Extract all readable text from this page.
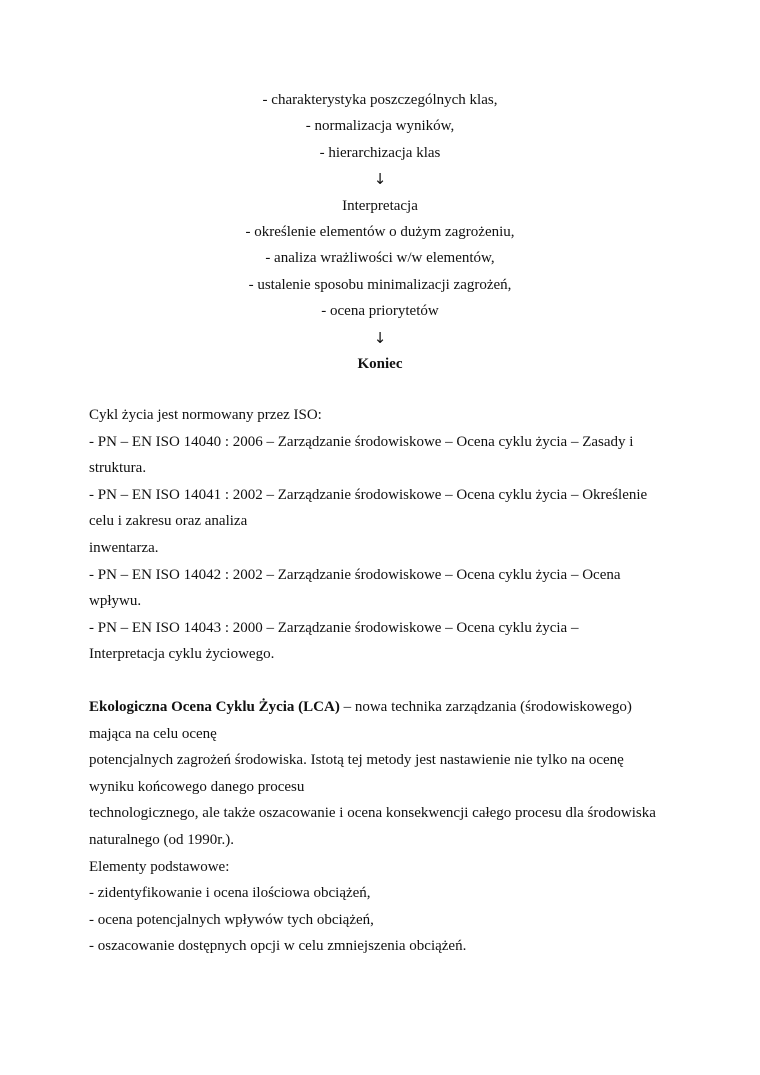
- charakterystyka poszczególnych klas,
- normalizacja wyników,
- hierarchizacja klas
↓
Interpretacja
- określenie elementów o dużym zagrożeniu,
- analiza wrażliwości w/w elementów,
- ustalenie sposobu minimalizacji zagrożeń,
- ocena priorytetów
↓
Koniec
Cykl życia jest normowany przez ISO:
- PN – EN ISO 14040 : 2006 – Zarządzanie środowiskowe – Ocena cyklu życia – Zasady i
struktura.
- PN – EN ISO 14041 : 2002 – Zarządzanie środowiskowe – Ocena cyklu życia – Określenie
celu i zakresu oraz analiza
inwentarza.
- PN – EN ISO 14042 : 2002 – Zarządzanie środowiskowe – Ocena cyklu życia – Ocena
wpływu.
- PN – EN ISO 14043 : 2000 – Zarządzanie środowiskowe – Ocena cyklu życia –
Interpretacja cyklu życiowego.
Ekologiczna Ocena Cyklu Życia (LCA) – nowa technika zarządzania (środowiskowego)
mająca na celu ocenę
potencjalnych zagrożeń środowiska. Istotą tej metody jest nastawienie nie tylko na ocenę
wyniku końcowego danego procesu
technologicznego, ale także oszacowanie i ocena konsekwencji całego procesu dla środowiska
naturalnego (od 1990r.).
Elementy podstawowe:
- zidentyfikowanie i ocena ilościowa obciążeń,
- ocena potencjalnych wpływów tych obciążeń,
- oszacowanie dostępnych opcji w celu zmniejszenia obciążeń.
